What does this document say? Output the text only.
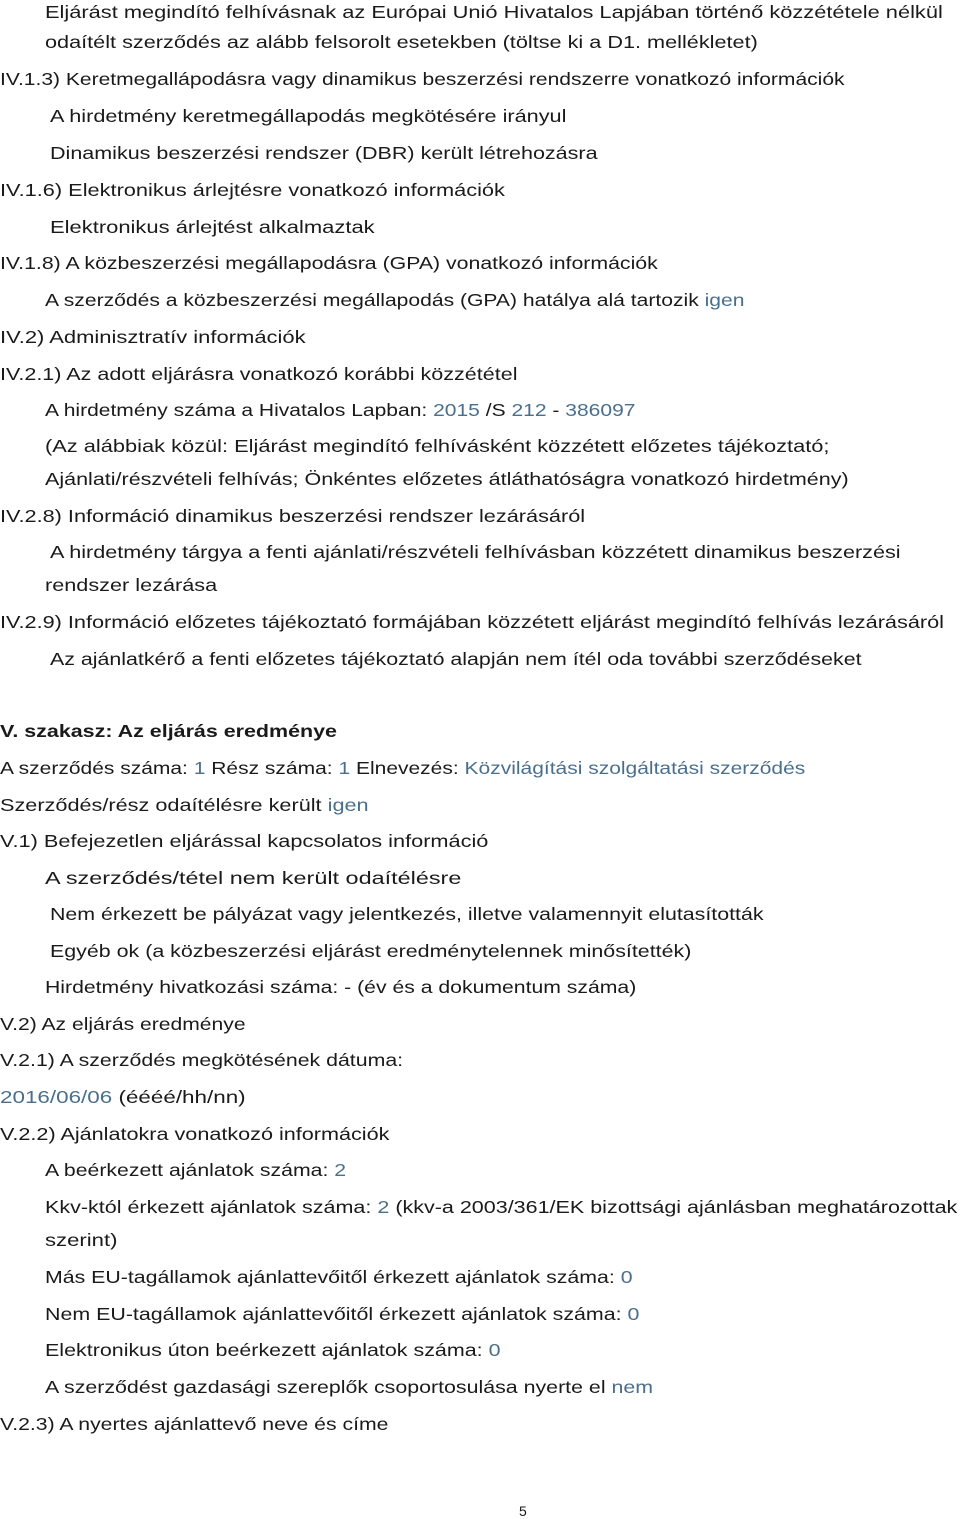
Eljárást megindító felhívásnak az Európai Unió Hivatalos Lapjában történő közzététele nélkül
odaítélt szerződés az alább felsorolt esetekben (töltse ki a D1. mellékletet)
IV.1.3) Keretmegallápodásra vagy dinamikus beszerzési rendszerre vonatkozó információk
A hirdetmény keretmegállapodás megkötésére irányul
Dinamikus beszerzési rendszer (DBR) került létrehozásra
IV.1.6) Elektronikus árlejtésre vonatkozó információk
Elektronikus árlejtést alkalmaztak
IV.1.8) A közbeszerzési megállapodásra (GPA) vonatkozó információk
A szerződés a közbeszerzési megállapodás (GPA) hatálya alá tartozik igen
IV.2) Adminisztratív információk
IV.2.1) Az adott eljárásra vonatkozó korábbi közzététel
A hirdetmény száma a Hivatalos Lapban: 2015 /S 212 - 386097
(Az alábbiak közül: Eljárást megindító felhívásként közzétett előzetes tájékoztató;
Ajánlati/részvételi felhívás; Önkéntes előzetes átláthatóságra vonatkozó hirdetmény)
IV.2.8) Információ dinamikus beszerzési rendszer lezárásáról
A hirdetmény tárgya a fenti ajánlati/részvételi felhívásban közzétett dinamikus beszerzési
rendszer lezárása
IV.2.9) Információ előzetes tájékoztató formájában közzétett eljárást megindító felhívás lezárásáról
Az ajánlatkérő a fenti előzetes tájékoztató alapján nem ítél oda további szerződéseket
V. szakasz: Az eljárás eredménye
A szerződés száma: 1 Rész száma: 1 Elnevezés: Közvilágítási szolgáltatási szerződés
Szerződés/rész odaítélésre került igen
V.1) Befejezetlen eljárással kapcsolatos információ
A szerződés/tétel nem került odaítélésre
Nem érkezett be pályázat vagy jelentkezés, illetve valamennyit elutasították
Egyéb ok (a közbeszerzési eljárást eredménytelennek minősítették)
Hirdetmény hivatkozási száma: - (év és a dokumentum száma)
V.2) Az eljárás eredménye
V.2.1) A szerződés megkötésének dátuma:
2016/06/06 (éééé/hh/nn)
V.2.2) Ajánlatokra vonatkozó információk
A beérkezett ajánlatok száma: 2
Kkv-któl érkezett ajánlatok száma: 2 (kkv-a 2003/361/EK bizottsági ajánlásban meghatározottak
szerint)
Más EU-tagállamok ajánlattevőitől érkezett ajánlatok száma: 0
Nem EU-tagállamok ajánlattevőitől érkezett ajánlatok száma: 0
Elektronikus úton beérkezett ajánlatok száma: 0
A szerződést gazdasági szereplők csoportosulása nyerte el nem
V.2.3) A nyertes ajánlattevő neve és címe
5
